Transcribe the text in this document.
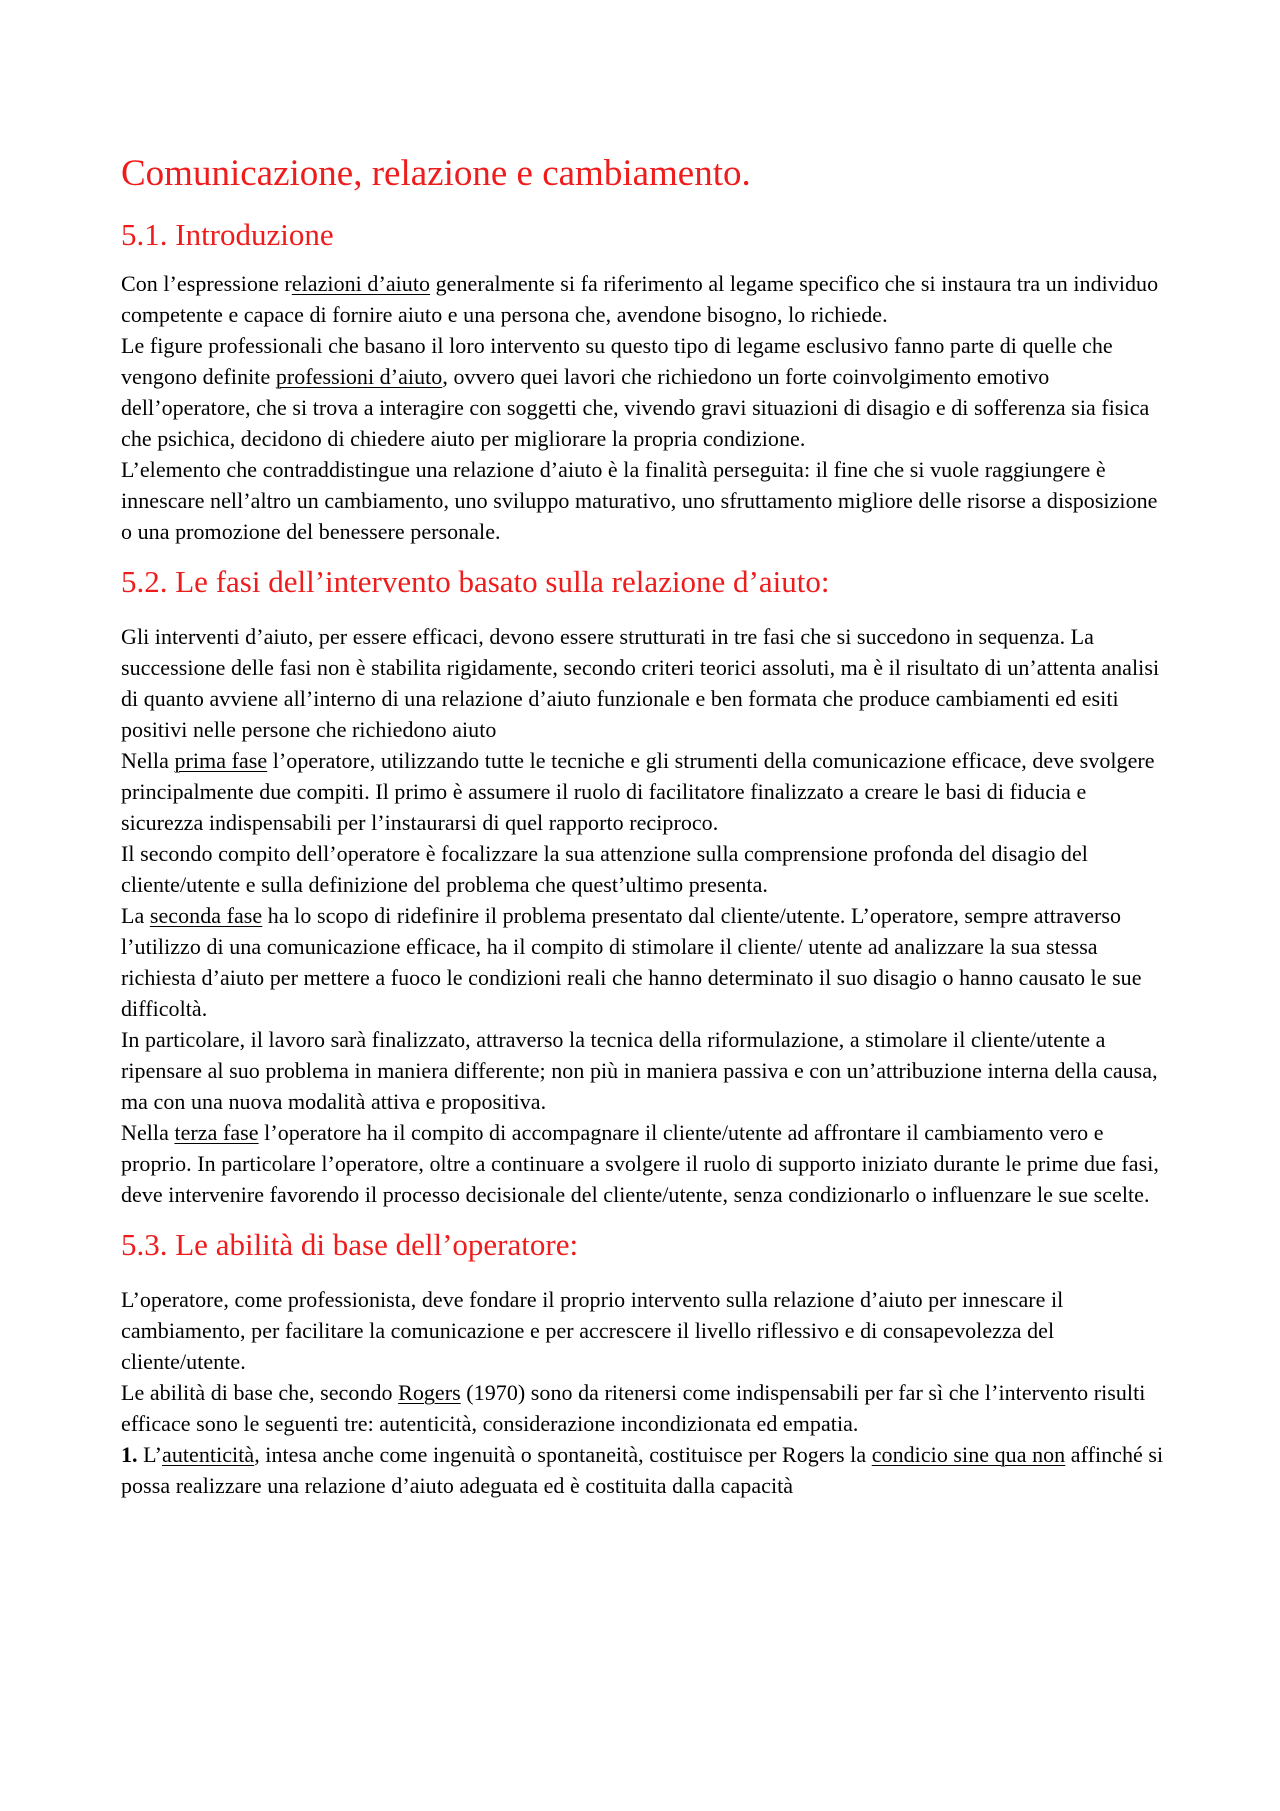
Comunicazione, relazione e cambiamento.
5.1. Introduzione

Con l’espressione relazioni d’aiuto generalmente si fa riferimento al legame specifico che si instaura tra un individuo competente e capace di fornire aiuto e una persona che, avendone bisogno, lo richiede.

Le figure professionali che basano il loro intervento su questo tipo di legame esclusivo fanno parte di quelle che vengono definite professioni d’aiuto, ovvero quei lavori che richiedono un forte coinvolgimento emotivo dell’operatore, che si trova a interagire con soggetti che, vivendo gravi situazioni di disagio e di sofferenza sia fisica che psichica, decidono di chiedere aiuto per migliorare la propria condizione.

L’elemento che contraddistingue una relazione d’aiuto è la finalità perseguita: il fine che si vuole raggiungere è innescare nell’altro un cambiamento, uno sviluppo maturativo, uno sfruttamento migliore delle risorse a disposizione o una promozione del benessere personale.

5.2. Le fasi dell’intervento basato sulla relazione d’aiuto:

Gli interventi d’aiuto, per essere efficaci, devono essere strutturati in tre fasi che si succedono in sequenza. La successione delle fasi non è stabilita rigidamente, secondo criteri teorici assoluti, ma è il risultato di un’attenta analisi di quanto avviene all’interno di una relazione d’aiuto funzionale e ben formata che produce cambiamenti ed esiti positivi nelle persone che richiedono aiuto

Nella prima fase l’operatore, utilizzando tutte le tecniche e gli strumenti della comunicazione efficace, deve svolgere principalmente due compiti. Il primo è assumere il ruolo di facilitatore finalizzato a creare le basi di fiducia e sicurezza indispensabili per l’instaurarsi di quel rapporto reciproco.

Il secondo compito dell’operatore è focalizzare la sua attenzione sulla comprensione profonda del disagio del cliente/utente e sulla definizione del problema che quest’ultimo presenta.

La seconda fase ha lo scopo di ridefinire il problema presentato dal cliente/utente. L’operatore, sempre attraverso l’utilizzo di una comunicazione efficace, ha il compito di stimolare il cliente/ utente ad analizzare la sua stessa richiesta d’aiuto per mettere a fuoco le condizioni reali che hanno determinato il suo disagio o hanno causato le sue difficoltà.

In particolare, il lavoro sarà finalizzato, attraverso la tecnica della riformulazione, a stimolare il cliente/utente a ripensare al suo problema in maniera differente; non più in maniera passiva e con un’attribuzione interna della causa, ma con una nuova modalità attiva e propositiva.

Nella terza fase l’operatore ha il compito di accompagnare il cliente/utente ad affrontare il cambiamento vero e proprio. In particolare l’operatore, oltre a continuare a svolgere il ruolo di supporto iniziato durante le prime due fasi, deve intervenire favorendo il processo decisionale del cliente/utente, senza condizionarlo o influenzare le sue scelte.

5.3. Le abilità di base dell’operatore:

L’operatore, come professionista, deve fondare il proprio intervento sulla relazione d’aiuto per innescare il cambiamento, per facilitare la comunicazione e per accrescere il livello riflessivo e di consapevolezza del cliente/utente.

Le abilità di base che, secondo Rogers (1970) sono da ritenersi come indispensabili per far sì che l’intervento risulti efficace sono le seguenti tre: autenticità, considerazione incondizionata ed empatia.

1. L’autenticità, intesa anche come ingenuità o spontaneità, costituisce per Rogers la condicio sine qua non affinché si possa realizzare una relazione d’aiuto adeguata ed è costituita dalla capacità
